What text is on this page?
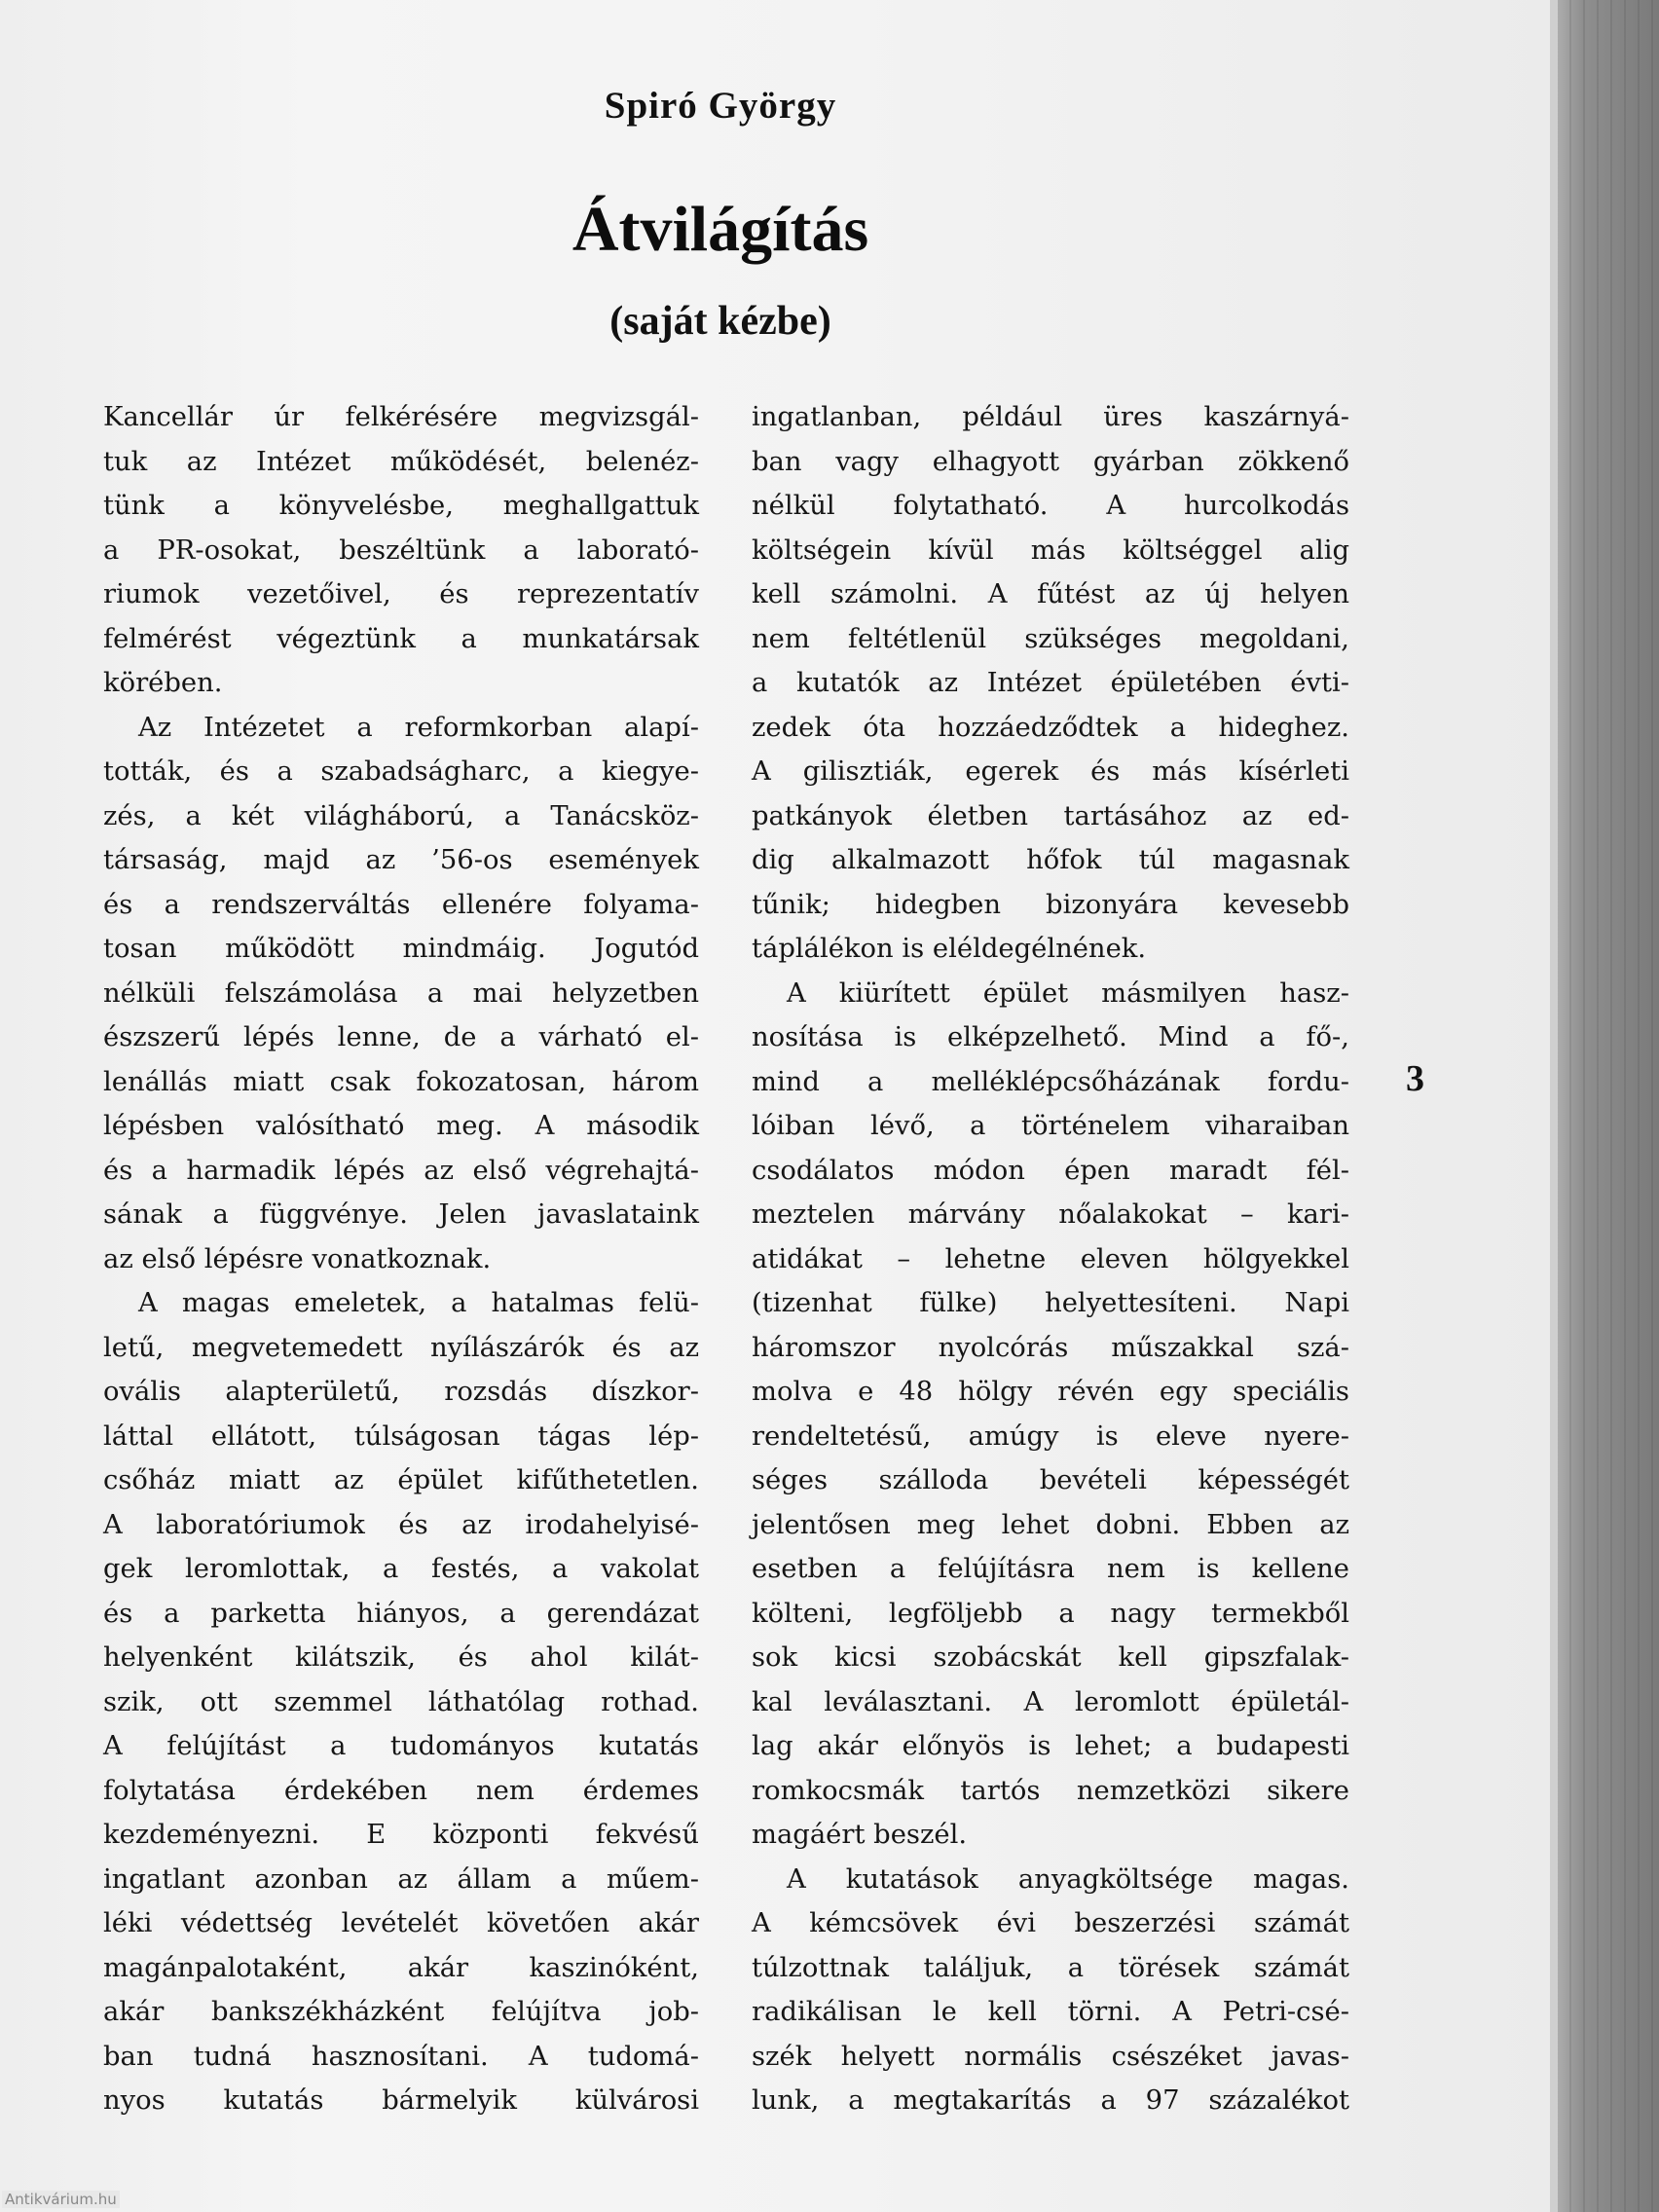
Spiró György
Átvilágítás
(saját kézbe)
Kancellár úr felkérésére megvizsgál-
tuk az Intézet működését, belenéz-
tünk a könyvelésbe, meghallgattuk
a PR-osokat, beszéltünk a laborató-
riumok vezetőivel, és reprezentatív
felmérést végeztünk a munkatársak
körében.
Az Intézetet a reformkorban alapí-
tották, és a szabadságharc, a kiegye-
zés, a két világháború, a Tanácsköz-
társaság, majd az ’56-os események
és a rendszerváltás ellenére folyama-
tosan működött mindmáig. Jogutód
nélküli felszámolása a mai helyzetben
észszerű lépés lenne, de a várható el-
lenállás miatt csak fokozatosan, három
lépésben valósítható meg. A második
és a harmadik lépés az első végrehajtá-
sának a függvénye. Jelen javaslataink
az első lépésre vonatkoznak.
A magas emeletek, a hatalmas felü-
letű, megvetemedett nyílászárók és az
ovális alapterületű, rozsdás díszkor-
láttal ellátott, túlságosan tágas lép-
csőház miatt az épület kifűthetetlen.
A laboratóriumok és az irodahelyisé-
gek leromlottak, a festés, a vakolat
és a parketta hiányos, a gerendázat
helyenként kilátszik, és ahol kilát-
szik, ott szemmel láthatólag rothad.
A felújítást a tudományos kutatás
folytatása érdekében nem érdemes
kezdeményezni. E központi fekvésű
ingatlant azonban az állam a műem-
léki védettség levételét követően akár
magánpalotaként, akár kaszinóként,
akár bankszékházként felújítva job-
ban tudná hasznosítani. A tudomá-
nyos kutatás bármelyik külvárosi
ingatlanban, például üres kaszárnyá-
ban vagy elhagyott gyárban zökkenő
nélkül folytatható. A hurcolkodás
költségein kívül más költséggel alig
kell számolni. A fűtést az új helyen
nem feltétlenül szükséges megoldani,
a kutatók az Intézet épületében évti-
zedek óta hozzáedződtek a hideghez.
A gilisztiák, egerek és más kísérleti
patkányok életben tartásához az ed-
dig alkalmazott hőfok túl magasnak
tűnik; hidegben bizonyára kevesebb
táplálékon is eléldegélnének.
A kiürített épület másmilyen hasz-
nosítása is elképzelhető. Mind a fő-,
mind a melléklépcsőházának fordu-
lóiban lévő, a történelem viharaiban
csodálatos módon épen maradt fél-
meztelen márvány nőalakokat – kari-
atidákat – lehetne eleven hölgyekkel
(tizenhat fülke) helyettesíteni. Napi
háromszor nyolcórás műszakkal szá-
molva e 48 hölgy révén egy speciális
rendeltetésű, amúgy is eleve nyere-
séges szálloda bevételi képességét
jelentősen meg lehet dobni. Ebben az
esetben a felújításra nem is kellene
költeni, legföljebb a nagy termekből
sok kicsi szobácskát kell gipszfalak-
kal leválasztani. A leromlott épületál-
lag akár előnyös is lehet; a budapesti
romkocsmák tartós nemzetközi sikere
magáért beszél.
A kutatások anyagköltsége magas.
A kémcsövek évi beszerzési számát
túlzottnak találjuk, a törések számát
radikálisan le kell törni. A Petri-csé-
szék helyett normális csészéket javas-
lunk, a megtakarítás a 97 százalékot
3
Antikvárium.hu
